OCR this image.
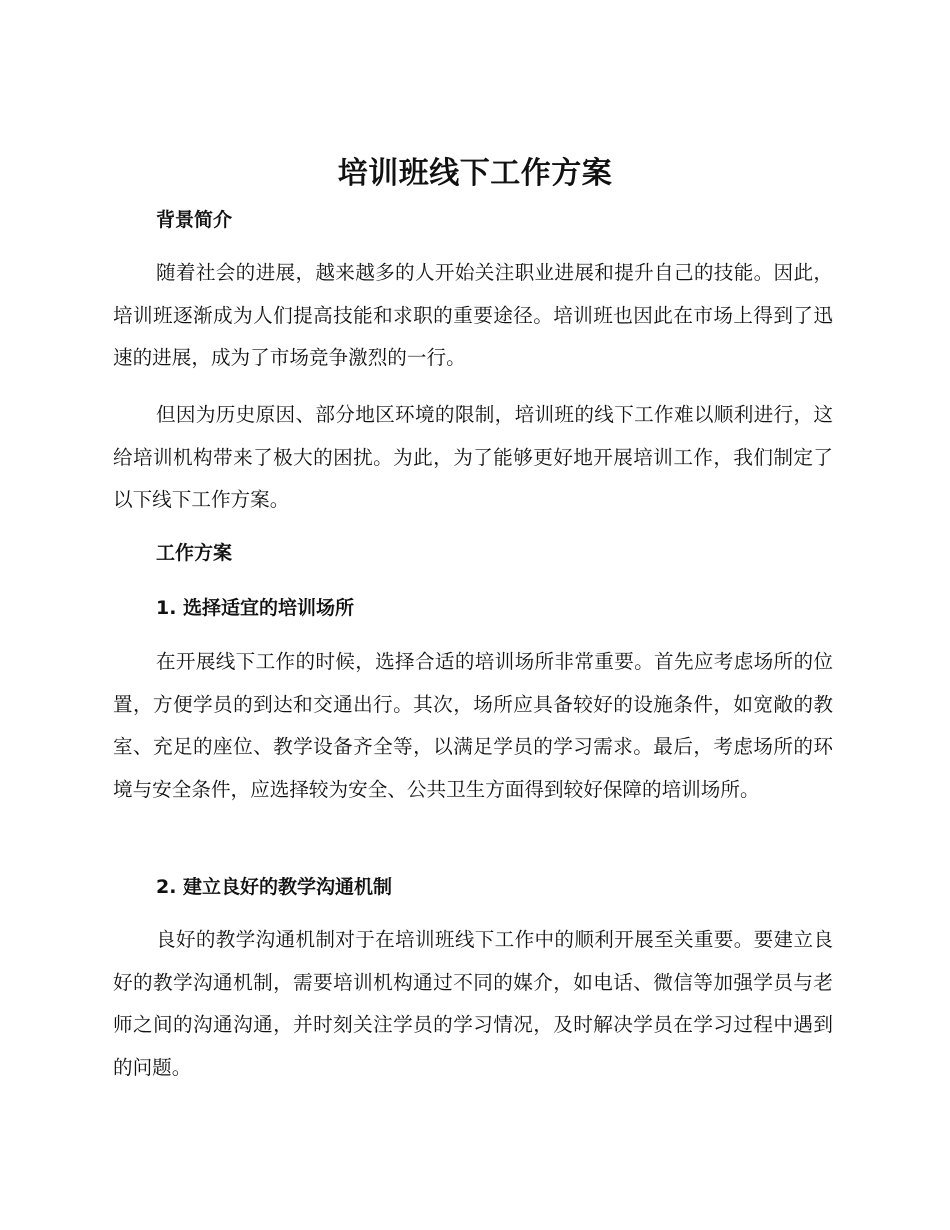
培训班线下工作方案
背景简介

随着社会的进展，越来越多的人开始关注职业进展和提升自己的技能。因此，培训班逐渐成为人们提高技能和求职的重要途径。培训班也因此在市场上得到了迅速的进展，成为了市场竞争激烈的一行。

但因为历史原因、部分地区环境的限制，培训班的线下工作难以顺利进行，这给培训机构带来了极大的困扰。为此，为了能够更好地开展培训工作，我们制定了以下线下工作方案。

工作方案
1. 选择适宜的培训场所

在开展线下工作的时候，选择合适的培训场所非常重要。首先应考虑场所的位置，方便学员的到达和交通出行。其次，场所应具备较好的设施条件，如宽敞的教室、充足的座位、教学设备齐全等，以满足学员的学习需求。最后，考虑场所的环境与安全条件，应选择较为安全、公共卫生方面得到较好保障的培训场所。

2. 建立良好的教学沟通机制

良好的教学沟通机制对于在培训班线下工作中的顺利开展至关重要。要建立良好的教学沟通机制，需要培训机构通过不同的媒介，如电话、微信等加强学员与老师之间的沟通沟通，并时刻关注学员的学习情况，及时解决学员在学习过程中遇到的问题。
